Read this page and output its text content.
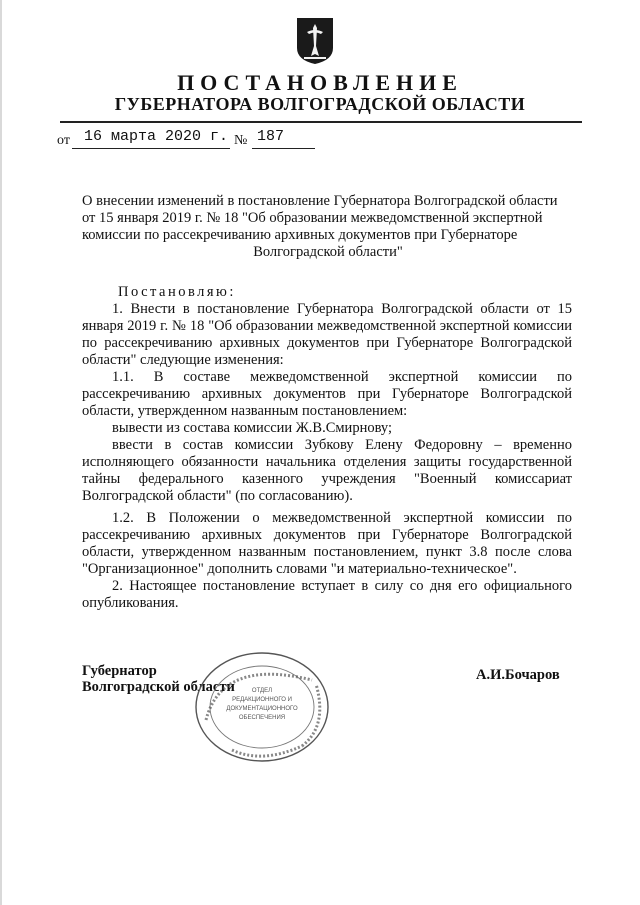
ПОСТАНОВЛЕНИЕ
ГУБЕРНАТОРА ВОЛГОГРАДСКОЙ ОБЛАСТИ
от 16 марта 2020 г. № 187
О внесении изменений в постановление Губернатора Волгоградской области
от 15 января 2019 г. № 18 "Об образовании межведомственной экспертной
комиссии по рассекречиванию архивных документов при Губернаторе
Волгоградской области"
Постановляю:
1. Внести в постановление Губернатора Волгоградской области от 15 января 2019 г. № 18 "Об образовании межведомственной экспертной комиссии по рассекречиванию архивных документов при Губернаторе Волгоградской области" следующие изменения:
1.1. В составе межведомственной экспертной комиссии по рассекречиванию архивных документов при Губернаторе Волгоградской области, утвержденном названным постановлением:
вывести из состава комиссии Ж.В.Смирнову;
ввести в состав комиссии Зубкову Елену Федоровну – временно исполняющего обязанности начальника отделения защиты государственной тайны федерального казенного учреждения "Военный комиссариат Волгоградской области" (по согласованию).
1.2. В Положении о межведомственной экспертной комиссии по рассекречиванию архивных документов при Губернаторе Волгоградской области, утвержденном названным постановлением, пункт 3.8 после слова "Организационное" дополнить словами "и материально-техническое".
2. Настоящее постановление вступает в силу со дня его официального опубликования.
Губернатор
Волгоградской области
А.И.Бочаров
ОТДЕЛ
РЕДАКЦИОННОГО И
ДОКУМЕНТАЦИОННОГО
ОБЕСПЕЧЕНИЯ
